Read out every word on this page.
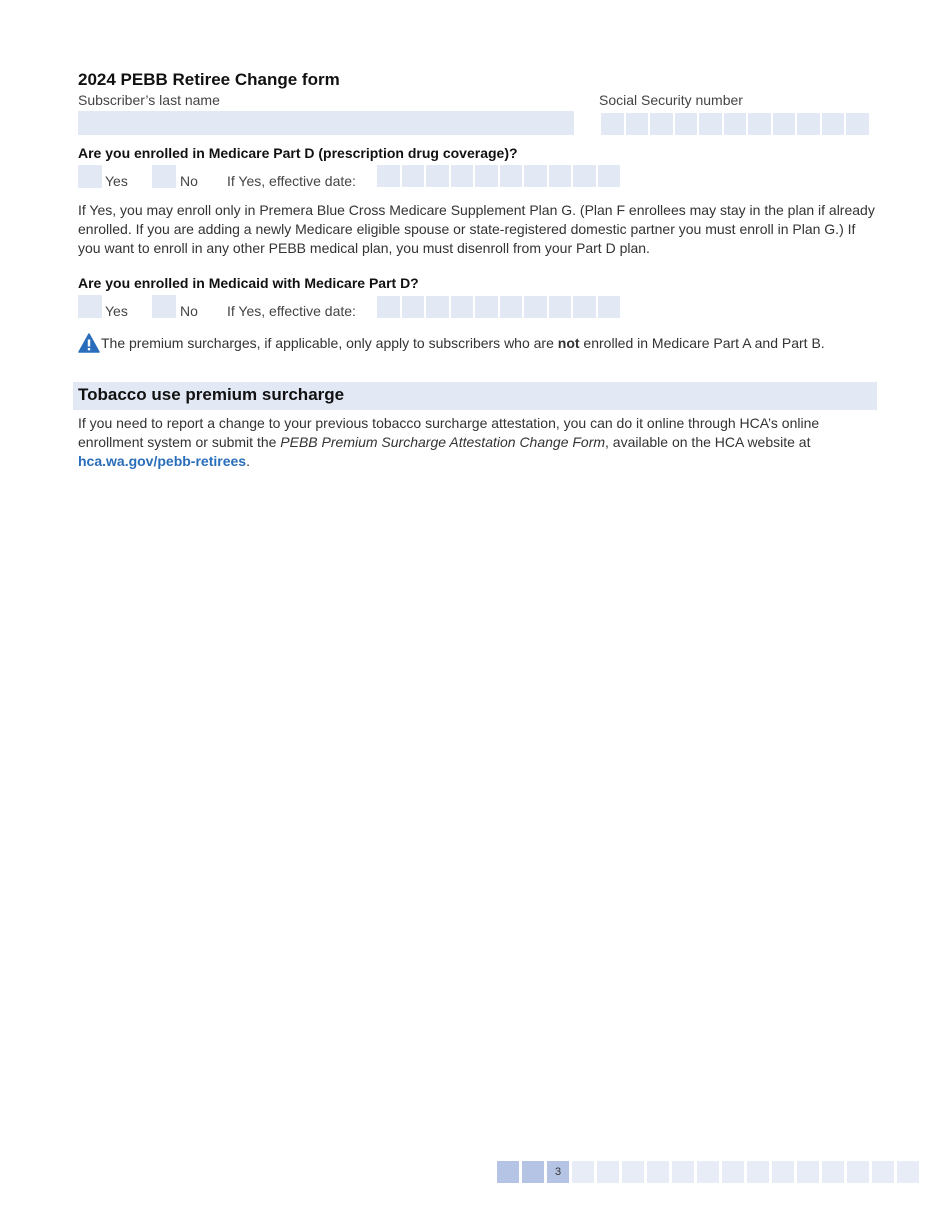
2024 PEBB Retiree Change form
Subscriber’s last name	Social Security number
Are you enrolled in Medicare Part D (prescription drug coverage)?
Yes	No If Yes, effective date:
If Yes, you may enroll only in Premera Blue Cross Medicare Supplement Plan G. (Plan F enrollees may stay in the plan if already enrolled. If you are adding a newly Medicare eligible spouse or state-registered domestic partner you must enroll in Plan G.) If you want to enroll in any other PEBB medical plan, you must disenroll from your Part D plan.
Are you enrolled in Medicaid with Medicare Part D?
Yes	No If Yes, effective date:
The premium surcharges, if applicable, only apply to subscribers who are not enrolled in Medicare Part A and Part B.
Tobacco use premium surcharge
If you need to report a change to your previous tobacco surcharge attestation, you can do it online through HCA’s online enrollment system or submit the PEBB Premium Surcharge Attestation Change Form, available on the HCA website at hca.wa.gov/pebb-retirees.
3
